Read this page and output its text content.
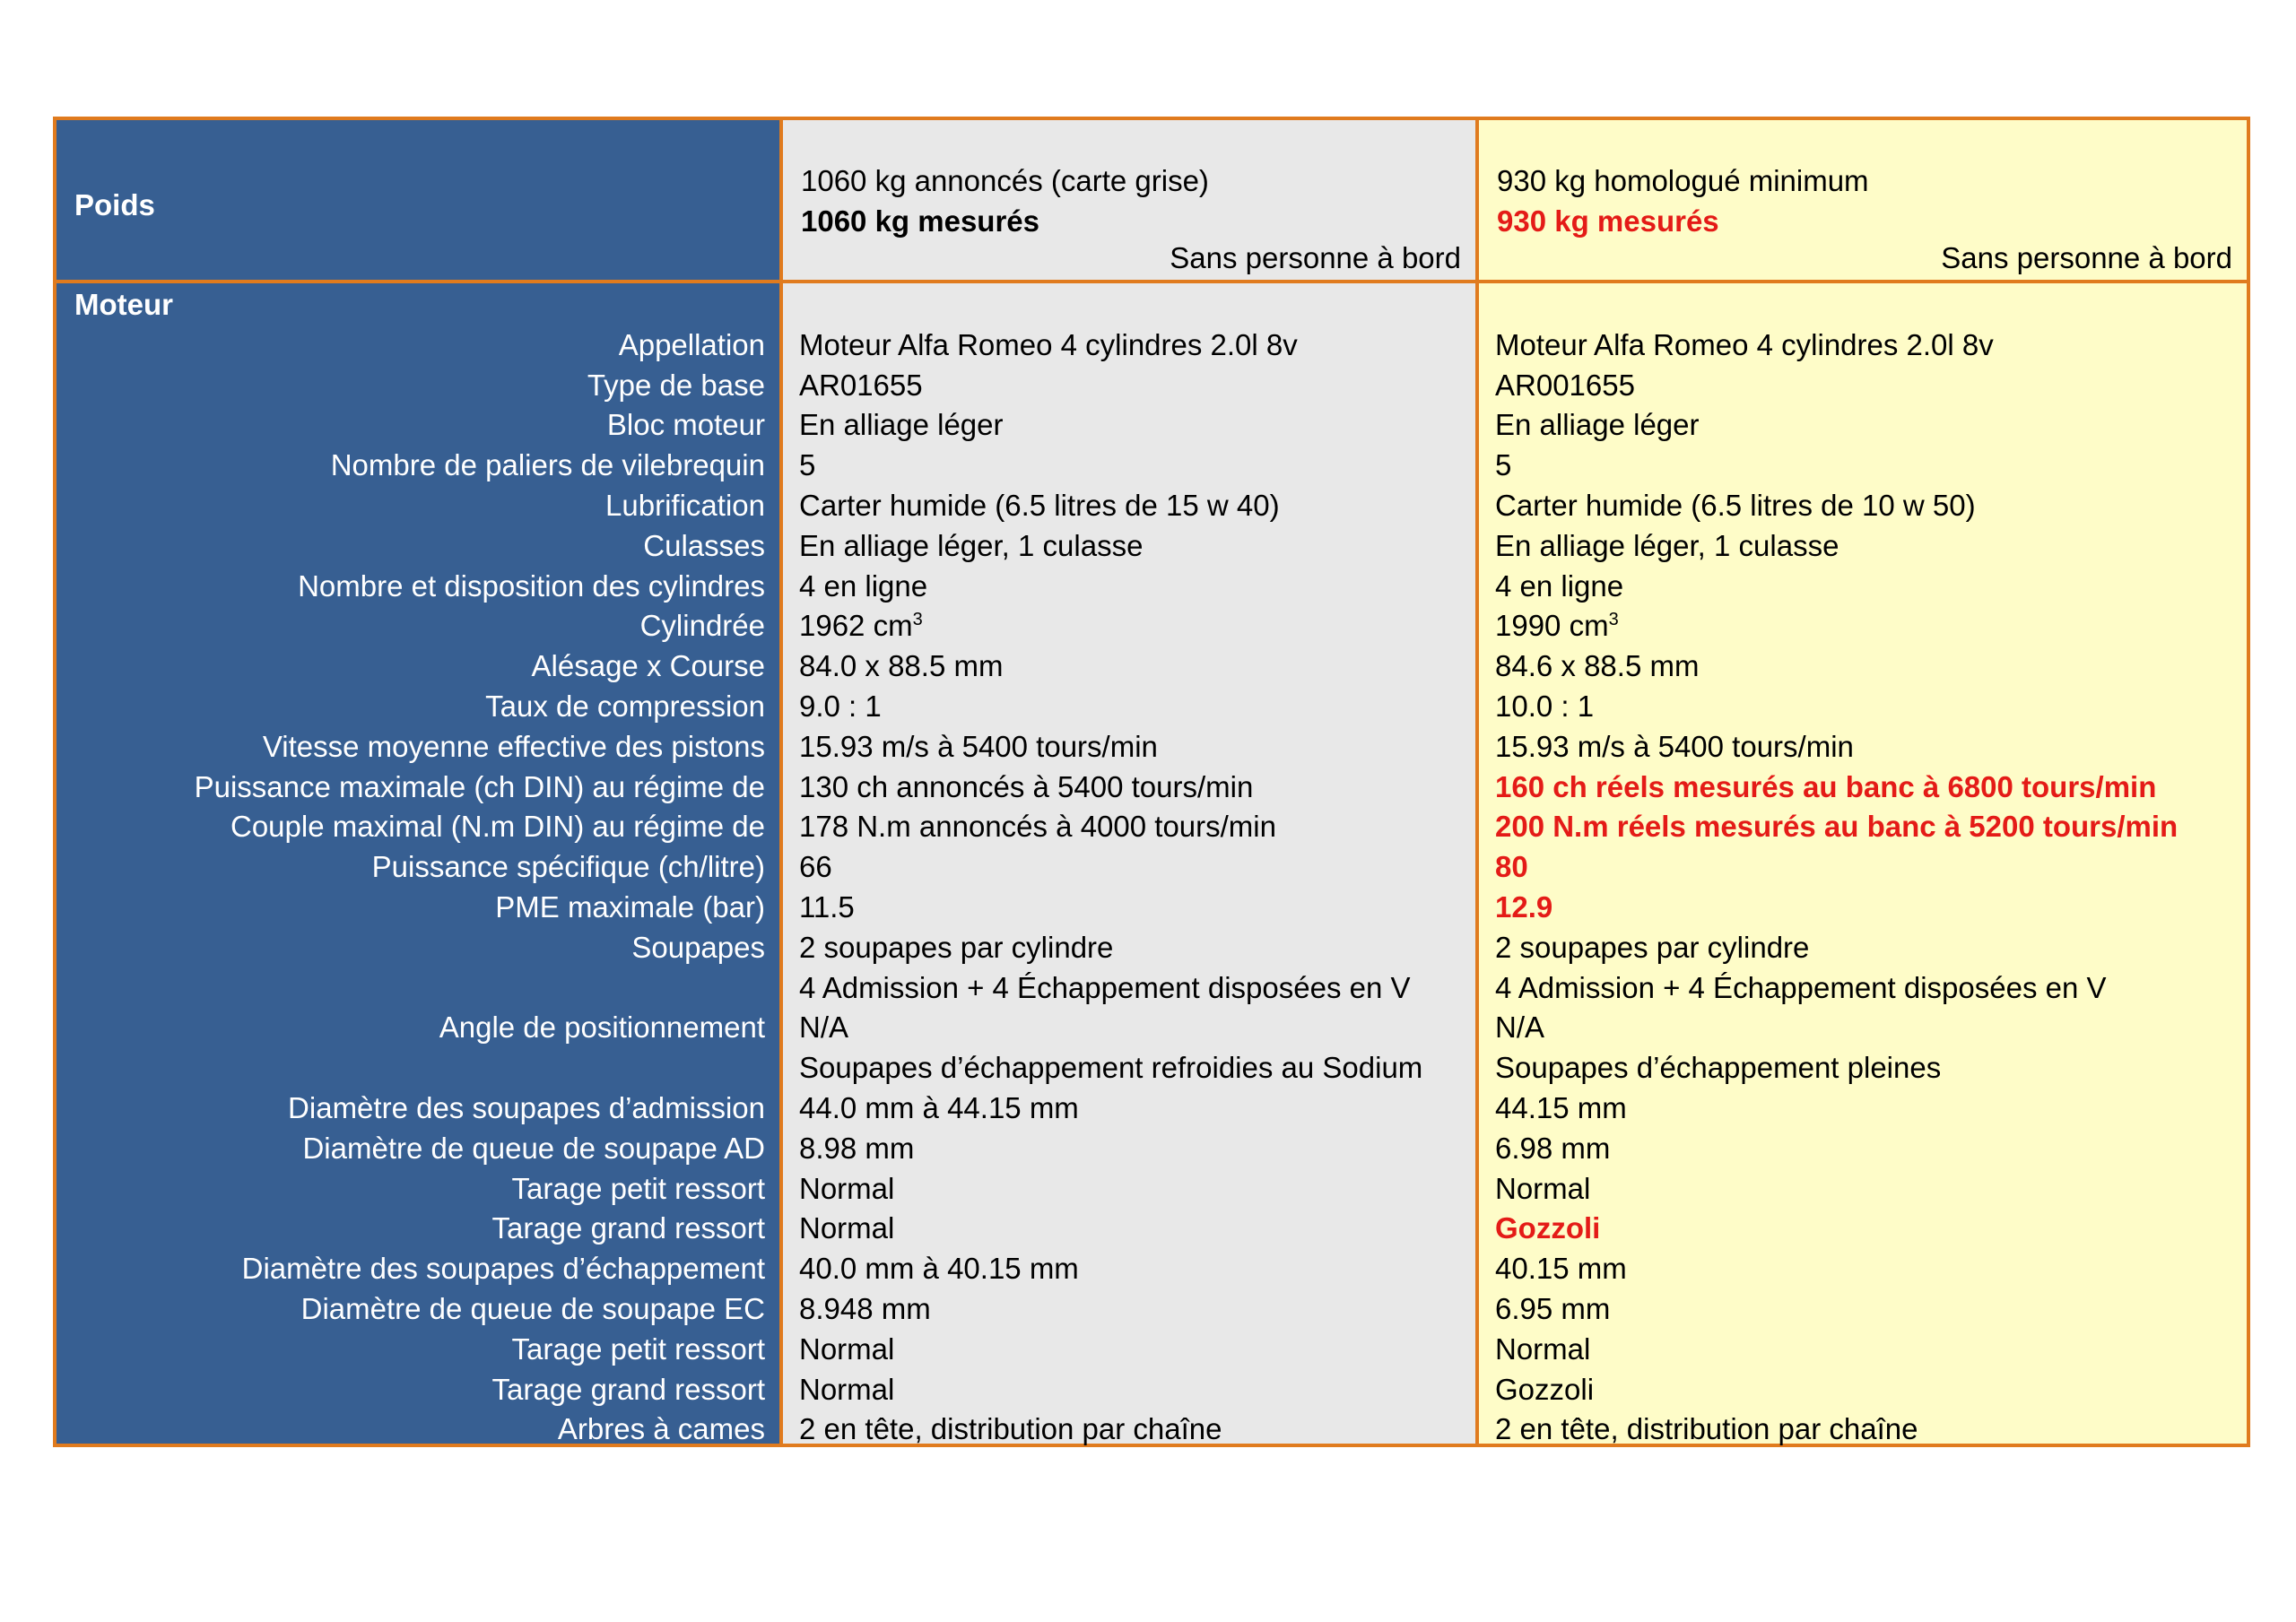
Poids
Moteur
Appellation
Type de base
Bloc moteur
Nombre de paliers de vilebrequin
Lubrification
Culasses
Nombre et disposition des cylindres
Cylindrée
Alésage x Course
Taux de compression
Vitesse moyenne effective des pistons
Puissance maximale (ch DIN) au régime de
Couple maximal (N.m DIN) au régime de
Puissance spécifique (ch/litre)
PME maximale (bar)
Soupapes
Angle de positionnement
Diamètre des soupapes d’admission
Diamètre de queue de soupape AD
Tarage petit ressort
Tarage grand ressort
Diamètre des soupapes d’échappement
Diamètre de queue de soupape EC
Tarage petit ressort
Tarage grand ressort
Arbres à cames
1060 kg annoncés (carte grise)
1060 kg mesurés
Sans personne à bord
Moteur Alfa Romeo 4 cylindres 2.0l 8v
AR01655
En alliage léger
5
Carter humide (6.5 litres de 15 w 40)
En alliage léger, 1 culasse
4 en ligne
1962 $cm^3$
84.0 x 88.5 mm
9.0 : 1
15.93 m/s à 5400 tours/min
130 ch annoncés à 5400 tours/min
178 N.m annoncés à 4000 tours/min
66
11.5
2 soupapes par cylindre
4 Admission + 4 Échappement disposées en V
N/A
Soupapes d’échappement refroidies au Sodium
44.0 mm à 44.15 mm
8.98 mm
Normal
Normal
40.0 mm à 40.15 mm
8.948 mm
Normal
Normal
2 en tête, distribution par chaîne
930 kg homologué minimum
930 kg mesurés
Sans personne à bord
Moteur Alfa Romeo 4 cylindres 2.0l 8v
AR001655
En alliage léger
5
Carter humide (6.5 litres de 10 w 50)
En alliage léger, 1 culasse
4 en ligne
1990 $cm^3$
84.6 x 88.5 mm
10.0 : 1
15.93 m/s à 5400 tours/min
160 ch réels mesurés au banc à 6800 tours/min
200 N.m réels mesurés au banc à 5200 tours/min
80
12.9
2 soupapes par cylindre
4 Admission + 4 Échappement disposées en V
N/A
Soupapes d’échappement pleines
44.15 mm
6.98 mm
Normal
Gozzoli
40.15 mm
6.95 mm
Normal
Gozzoli
2 en tête, distribution par chaîne
